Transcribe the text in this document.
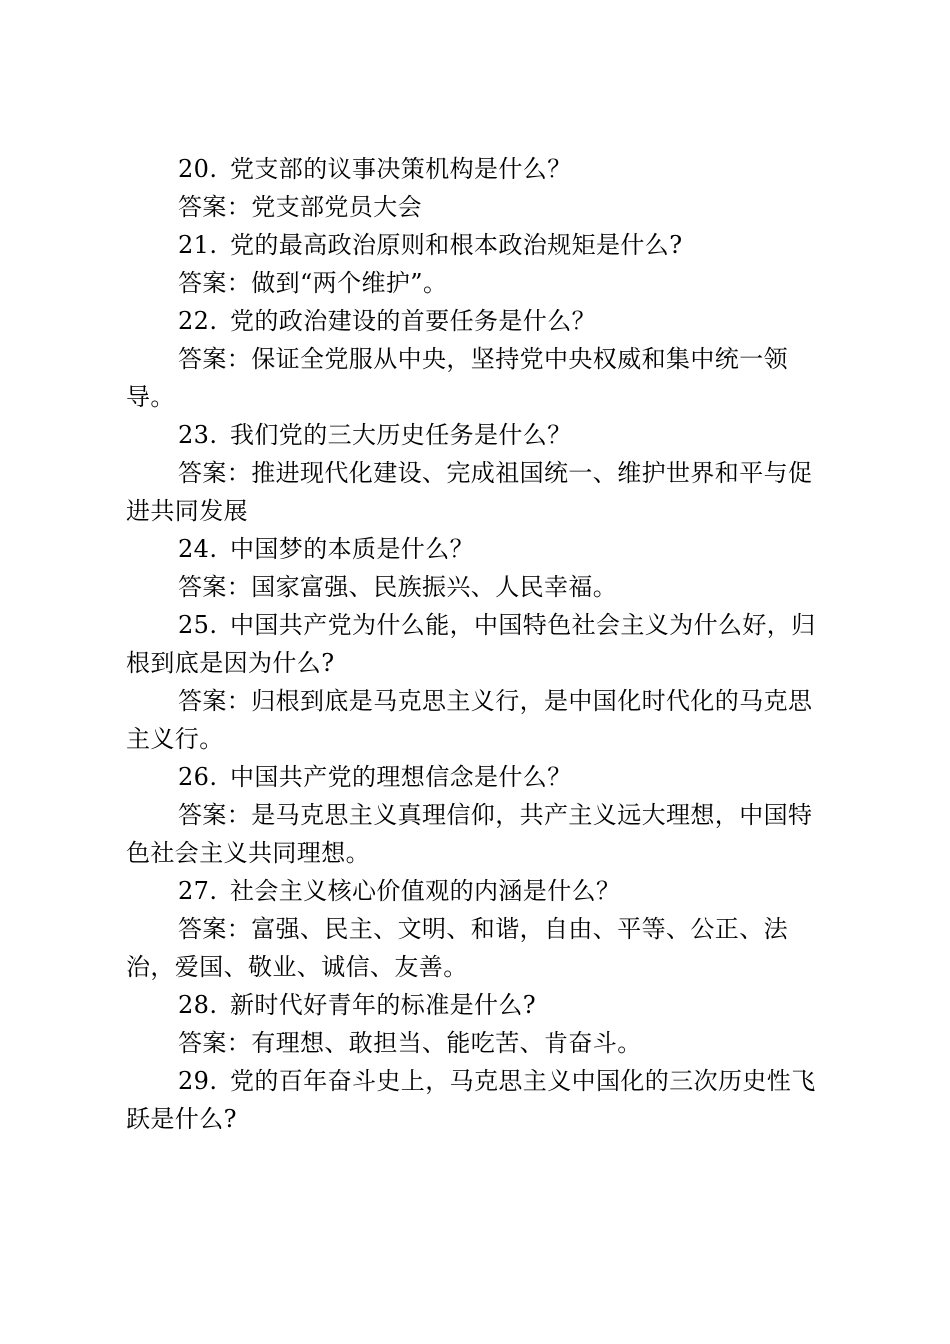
20. 党支部的议事决策机构是什么？

答案：党支部党员大会

21. 党的最高政治原则和根本政治规矩是什么?

答案：做到“两个维护”。

22. 党的政治建设的首要任务是什么？

答案：保证全党服从中央，坚持党中央权威和集中统一领导。

23. 我们党的三大历史任务是什么？

答案：推进现代化建设、完成祖国统一、维护世界和平与促进共同发展

24. 中国梦的本质是什么？

答案：国家富强、民族振兴、人民幸福。

25. 中国共产党为什么能，中国特色社会主义为什么好，归根到底是因为什么?

答案：归根到底是马克思主义行，是中国化时代化的马克思主义行。

26. 中国共产党的理想信念是什么？

答案：是马克思主义真理信仰，共产主义远大理想，中国特色社会主义共同理想。

27. 社会主义核心价值观的内涵是什么？

答案：富强、民主、文明、和谐，自由、平等、公正、法治，爱国、敬业、诚信、友善。

28. 新时代好青年的标准是什么?

答案：有理想、敢担当、能吃苦、肯奋斗。

29. 党的百年奋斗史上，马克思主义中国化的三次历史性飞跃是什么?
